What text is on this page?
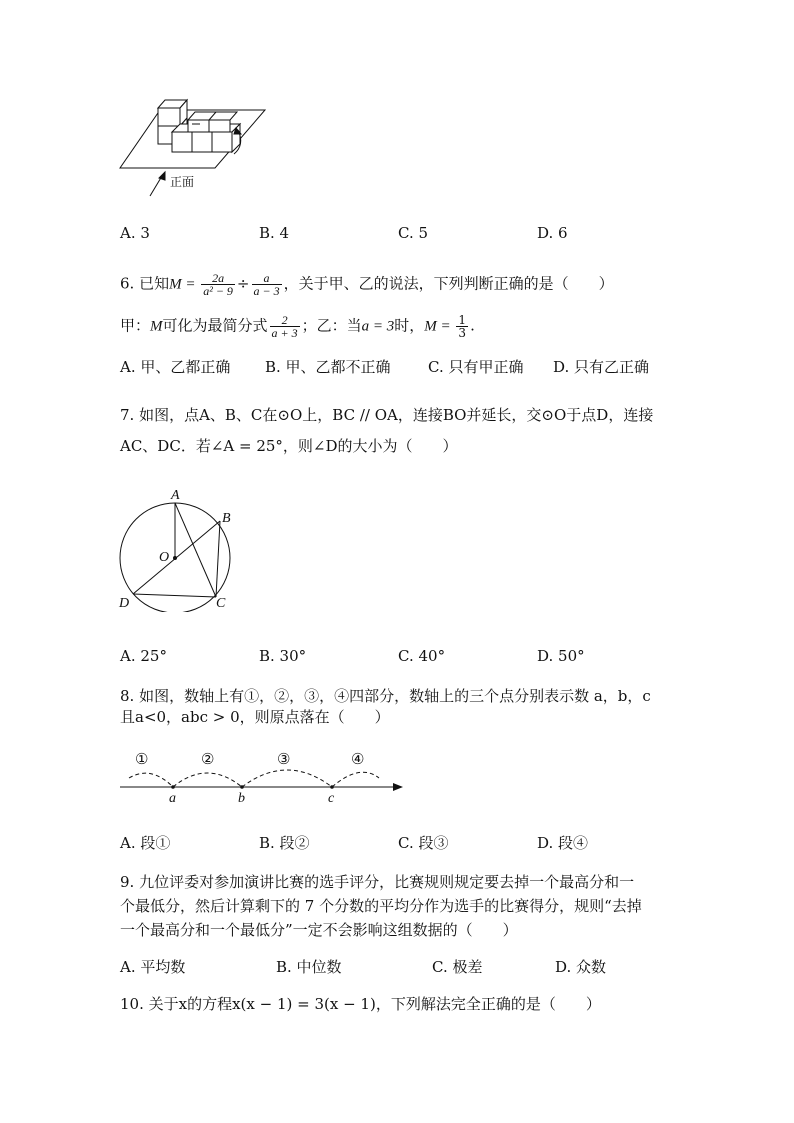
正面
A. 3	B. 4	C. 5	D. 6
6. 已知$M = \frac{2a}{\text{a² − 9}} \div \frac{a}{a - 3}$ ，关于甲、乙的说法，下列判断正确的是（　　）
甲：M可化为最简分式 $\frac{2}{a + 3}$ ；乙：当a = 3时，$M = \frac{1}{3}$ .
A. 甲、乙都正确 B. 甲、乙都不正确 C. 只有甲正确 D. 只有乙正确
7. 如图，点A、B、C在⊙O上，BC // OA，连接BO并延长，交⊙O于点D，连接
AC、DC．若∠A = 25°，则∠D的大小为（　　）
A
B
O
D	C
A. 25°	B. 30°	C. 40°	D. 50°
8. 如图，数轴上有①，②，③，④四部分，数轴上的三个点分别表示数 a，b，c
且a<0，abc > 0，则原点落在（　　）
①	②	③	④
a	b	c
A. 段①	B. 段②	C. 段③	D. 段④
9. 九位评委对参加演讲比赛的选手评分，比赛规则规定要去掉一个最高分和一
个最低分，然后计算剩下的 7 个分数的平均分作为选手的比赛得分，规则“去掉
一个最高分和一个最低分”一定不会影响这组数据的（　　）
A. 平均数	B. 中位数	C. 极差	D. 众数
10. 关于x的方程x(x − 1) = 3(x − 1)，下列解法完全正确的是（　　）
